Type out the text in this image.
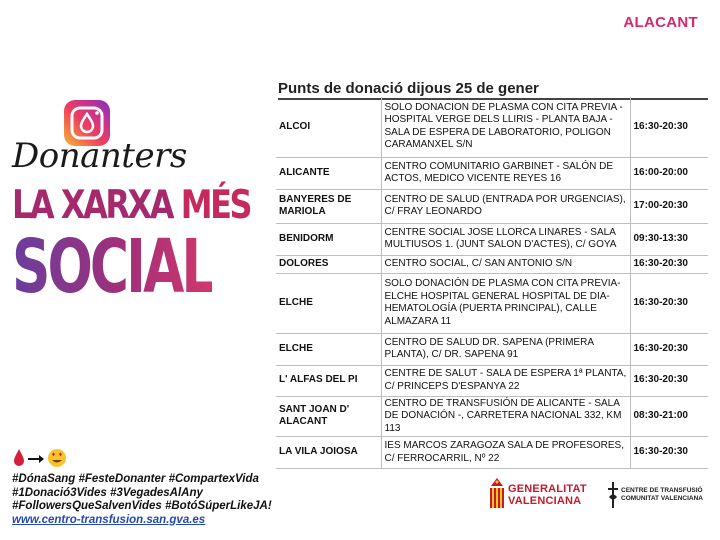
ALACANT
Donanters
LA XARXA MÉS
SOCIAL
#DónaSang #FesteDonanter #CompartexVida
#1Donació3Vides #3VegadesAlAny
#FollowersQueSalvenVides #BotóSúperLikeJA!
www.centro-transfusion.san.gva.es
Punts de donació dijous 25 de gener
ALCOI	SOLO DONACION DE PLASMA CON CITA PREVIA - HOSPITAL VERGE DELS LLIRIS - PLANTA BAJA - SALA DE ESPERA DE LABORATORIO, POLIGON CARAMANXEL S/N	16:30-20:30
ALICANTE	CENTRO COMUNITARIO GARBINET - SALÓN DE ACTOS, MEDICO VICENTE REYES 16	16:00-20:00
BANYERES DE MARIOLA	CENTRO DE SALUD (ENTRADA POR URGENCIAS), C/ FRAY LEONARDO	17:00-20:30
BENIDORM	CENTRE SOCIAL JOSE LLORCA LINARES - SALA MULTIUSOS 1. (JUNT SALON D'ACTES), C/ GOYA	09:30-13:30
DOLORES	CENTRO SOCIAL, C/ SAN ANTONIO S/N	16:30-20:30
ELCHE	SOLO DONACIÓN DE PLASMA CON CITA PREVIA- ELCHE HOSPITAL GENERAL HOSPITAL DE DIA-HEMATOLOGÍA (PUERTA PRINCIPAL), CALLE ALMAZARA 11	16:30-20:30
ELCHE	CENTRO DE SALUD DR. SAPENA (PRIMERA PLANTA), C/ DR. SAPENA 91	16:30-20:30
L' ALFAS DEL PI	CENTRE DE SALUT - SALA DE ESPERA 1ª PLANTA, C/ PRINCEPS D'ESPANYA 22	16:30-20:30
SANT JOAN D' ALACANT	CENTRO DE TRANSFUSIÓN DE ALICANTE - SALA DE DONACIÓN -, CARRETERA NACIONAL 332, KM 113	08:30-21:00
LA VILA JOIOSA	IES MARCOS ZARAGOZA SALA DE PROFESORES, C/ FERROCARRIL, Nº 22	16:30-20:30
GENERALITAT
VALENCIANA
CENTRE DE TRANSFUSIÓ
COMUNITAT VALENCIANA
